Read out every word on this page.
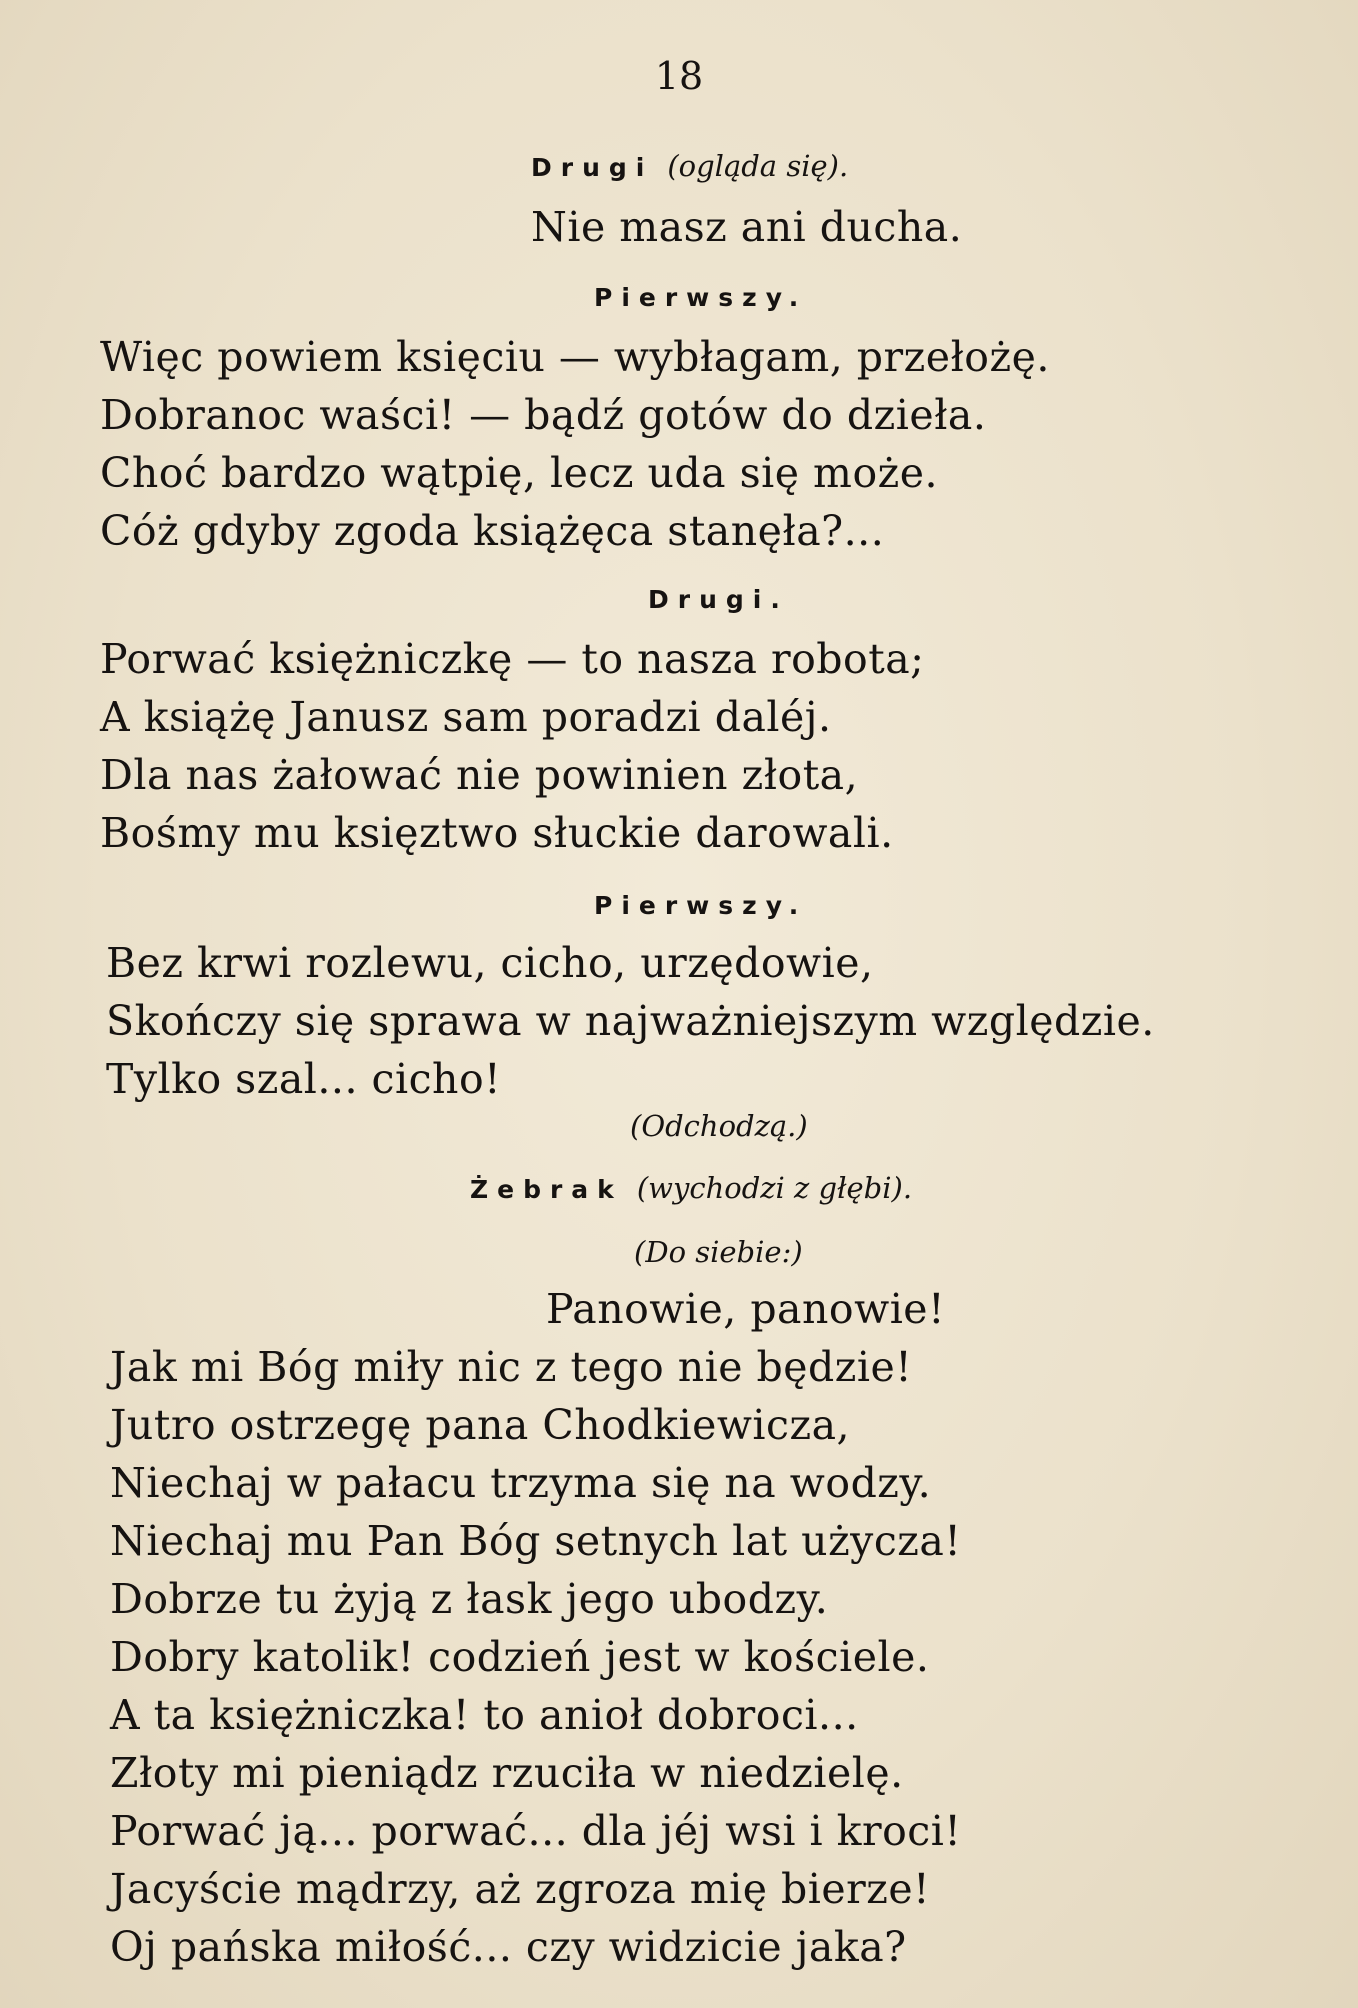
18
Drugi (ogląda się).
Nie masz ani ducha.
Pierwszy.
Więc powiem księciu — wybłagam, przełożę.
Dobranoc waści! — bądź gotów do dzieła.
Choć bardzo wątpię, lecz uda się może.
Cóż gdyby zgoda książęca stanęła?...
Drugi.
Porwać księżniczkę — to nasza robota;
A książę Janusz sam poradzi daléj.
Dla nas żałować nie powinien złota,
Bośmy mu księztwo słuckie darowali.
Pierwszy.
Bez krwi rozlewu, cicho, urzędowie,
Skończy się sprawa w najważniejszym względzie.
Tylko szal... cicho!
(Odchodzą.)
Żebrak (wychodzi z głębi).
(Do siebie:)
Panowie, panowie!
Jak mi Bóg miły nic z tego nie będzie!
Jutro ostrzegę pana Chodkiewicza,
Niechaj w pałacu trzyma się na wodzy.
Niechaj mu Pan Bóg setnych lat użycza!
Dobrze tu żyją z łask jego ubodzy.
Dobry katolik! codzień jest w kościele.
A ta księżniczka! to anioł dobroci...
Złoty mi pieniądz rzuciła w niedzielę.
Porwać ją... porwać... dla jéj wsi i kroci!
Jacyście mądrzy, aż zgroza mię bierze!
Oj pańska miłość... czy widzicie jaka?
